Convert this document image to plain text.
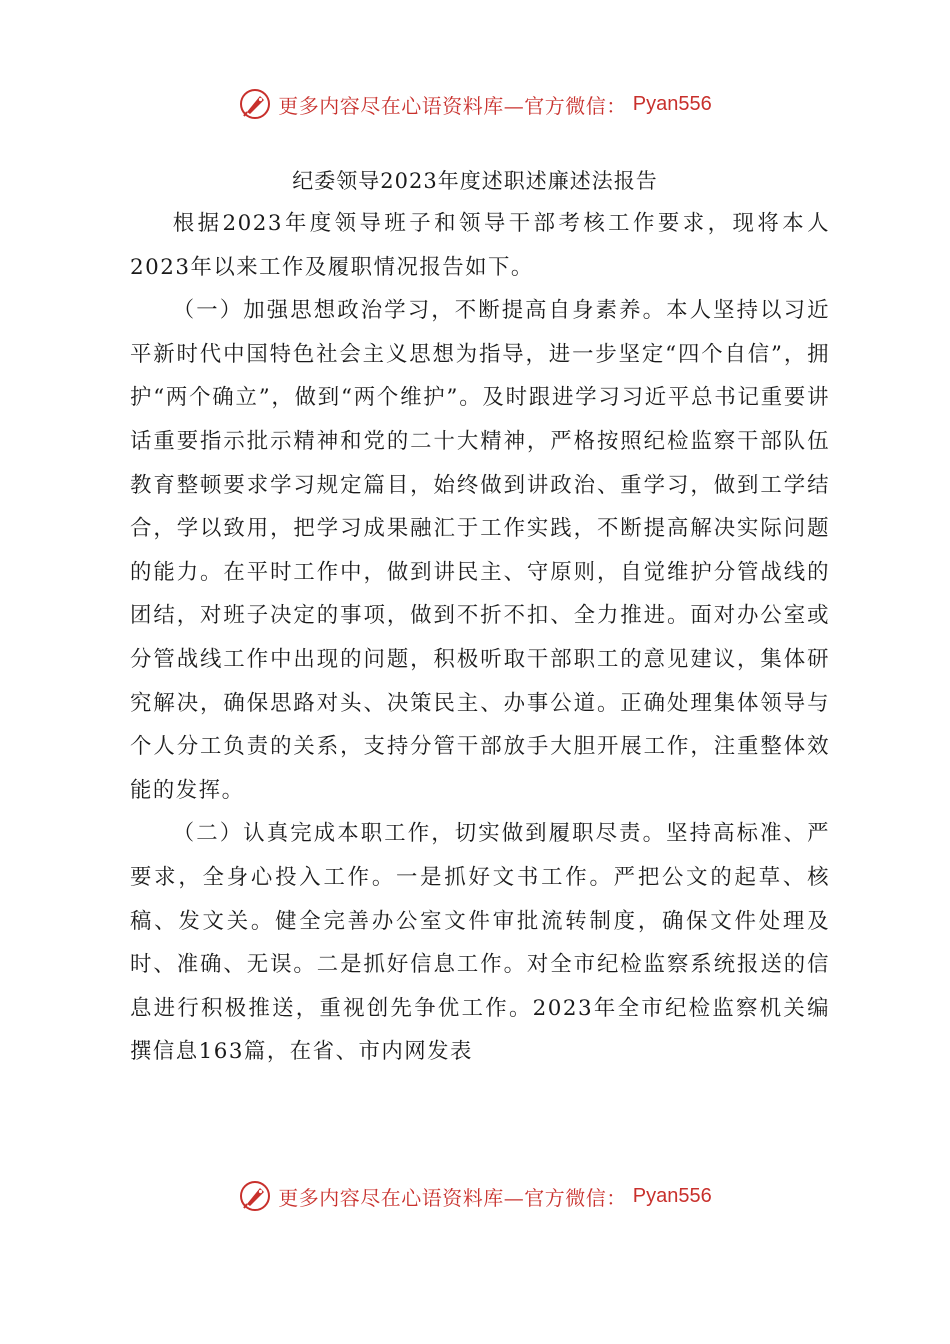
更多内容尽在心语资料库—官方微信： Pyan556
纪委领导2023年度述职述廉述法报告

根据2023年度领导班子和领导干部考核工作要求，现将本人2023年以来工作及履职情况报告如下。

（一）加强思想政治学习，不断提高自身素养。本人坚持以习近平新时代中国特色社会主义思想为指导，进一步坚定“四个自信”，拥护“两个确立”，做到“两个维护”。及时跟进学习习近平总书记重要讲话重要指示批示精神和党的二十大精神，严格按照纪检监察干部队伍教育整顿要求学习规定篇目，始终做到讲政治、重学习，做到工学结合，学以致用，把学习成果融汇于工作实践，不断提高解决实际问题的能力。在平时工作中，做到讲民主、守原则，自觉维护分管战线的团结，对班子决定的事项，做到不折不扣、全力推进。面对办公室或分管战线工作中出现的问题，积极听取干部职工的意见建议，集体研究解决，确保思路对头、决策民主、办事公道。正确处理集体领导与个人分工负责的关系，支持分管干部放手大胆开展工作，注重整体效能的发挥。

（二）认真完成本职工作，切实做到履职尽责。坚持高标准、严要求，全身心投入工作。一是抓好文书工作。严把公文的起草、核稿、发文关。健全完善办公室文件审批流转制度，确保文件处理及时、准确、无误。二是抓好信息工作。对全市纪检监察系统报送的信息进行积极推送，重视创先争优工作。2023年全市纪检监察机关编撰信息163篇，在省、市内网发表

更多内容尽在心语资料库—官方微信： Pyan556
